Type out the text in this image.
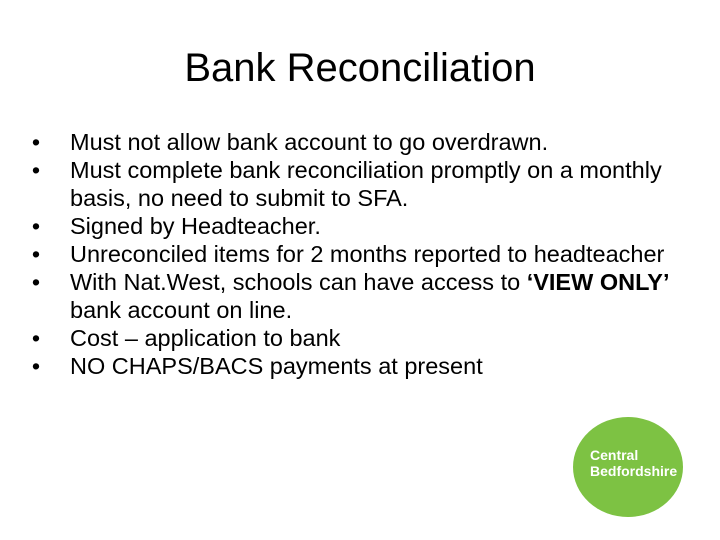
Bank Reconciliation
• Must not allow bank account to go overdrawn.
• Must complete bank reconciliation promptly on a monthly basis, no need to submit to SFA.
• Signed by Headteacher.
• Unreconciled items for 2 months reported to headteacher
• With Nat.West, schools can have access to ‘VIEW ONLY’ bank account on line.
• Cost – application to bank
• NO CHAPS/BACS payments at present
Central
Bedfordshire
